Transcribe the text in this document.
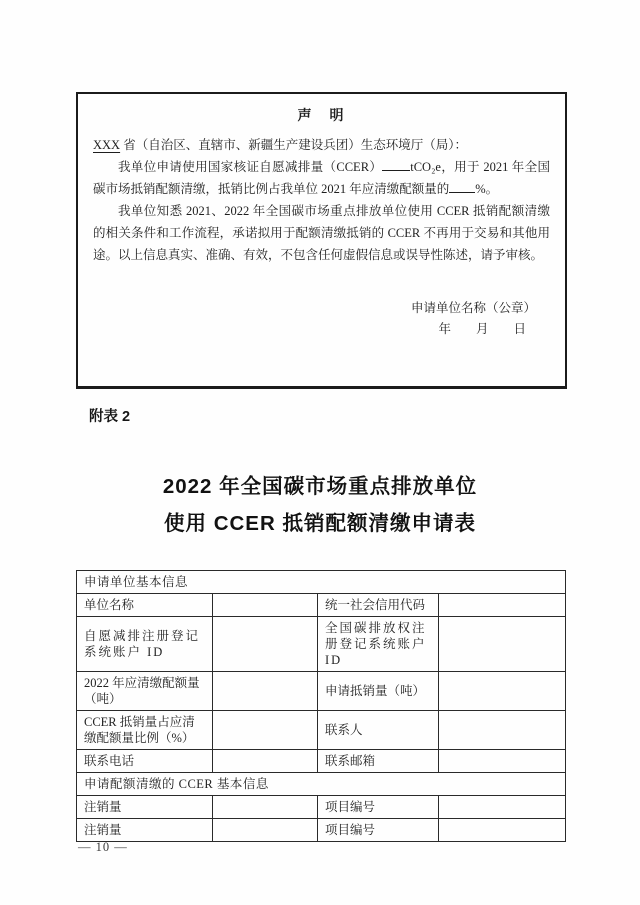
声　明

XXX 省（自治区、直辖市、新疆生产建设兵团）生态环境厅（局）：

我单位申请使用国家核证自愿减排量（CCER） tCO₂e，用于 2021 年全国碳市场抵销配额清缴，抵销比例占我单位 2021 年应清缴配额量的 %。

我单位知悉 2021、2022 年全国碳市场重点排放单位使用 CCER 抵销配额清缴的相关条件和工作流程，承诺拟用于配额清缴抵销的 CCER 不再用于交易和其他用途。以上信息真实、准确、有效，不包含任何虚假信息或误导性陈述，请予审核。

申请单位名称（公章）
年　　月　　日
附表 2
2022 年全国碳市场重点排放单位
使用 CCER 抵销配额清缴申请表
申请单位基本信息			
单位名称		统一社会信用代码	
自愿减排注册登记系统账户 ID		全国碳排放权注册登记系统账户 ID	
2022 年应清缴配额量（吨）		申请抵销量（吨）	
CCER 抵销量占应清缴配额量比例（%）		联系人	
联系电话		联系邮箱	
申请配额清缴的 CCER 基本信息			
注销量		项目编号	
注销量		项目编号	
— 10 —
